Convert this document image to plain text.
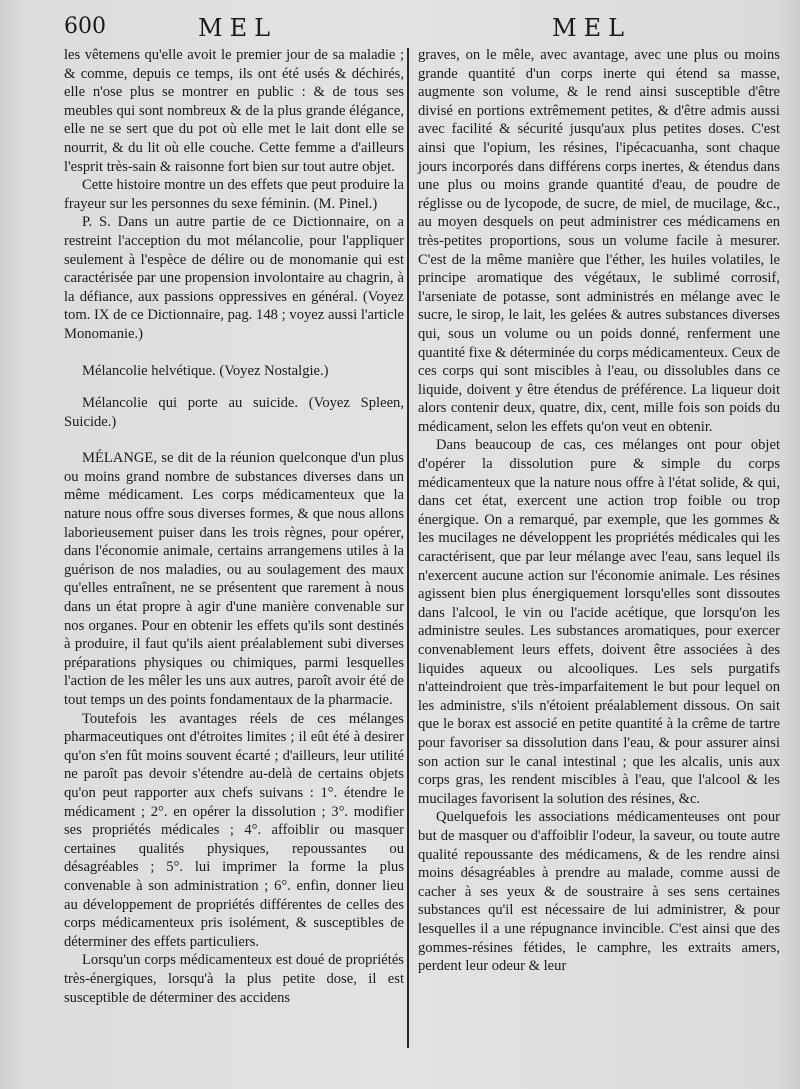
600	MEL	MEL

les vêtemens qu'elle avoit le premier jour de sa maladie ; & comme, depuis ce temps, ils ont été usés & déchirés, elle n'ose plus se montrer en public : & de tous ses meubles qui sont nombreux & de la plus grande élégance, elle ne se sert que du pot où elle met le lait dont elle se nourrit, & du lit où elle couche. Cette femme a d'ailleurs l'esprit très-sain & raisonne fort bien sur tout autre objet.

Cette histoire montre un des effets que peut produire la frayeur sur les personnes du sexe féminin. (M. Pinel.)

P. S. Dans un autre partie de ce Dictionnaire, on a restreint l'acception du mot mélancolie, pour l'appliquer seulement à l'espèce de délire ou de monomanie qui est caractérisée par une propension involontaire au chagrin, à la défiance, aux passions oppressives en général. (Voyez tom. IX de ce Dictionnaire, pag. 148 ; voyez aussi l'article Monomanie.)

Mélancolie helvétique. (Voyez Nostalgie.)

Mélancolie qui porte au suicide. (Voyez Spleen, Suicide.)

MÉLANGE, se dit de la réunion quelconque d'un plus ou moins grand nombre de substances diverses dans un même médicament. Les corps médicamenteux que la nature nous offre sous diverses formes, & que nous allons laborieusement puiser dans les trois règnes, pour opérer, dans l'économie animale, certains arrangemens utiles à la guérison de nos maladies, ou au soulagement des maux qu'elles entraînent, ne se présentent que rarement à nous dans un état propre à agir d'une manière convenable sur nos organes. Pour en obtenir les effets qu'ils sont destinés à produire, il faut qu'ils aient préalablement subi diverses préparations physiques ou chimiques, parmi lesquelles l'action de les mêler les uns aux autres, paroît avoir été de tout temps un des points fondamentaux de la pharmacie.

Toutefois les avantages réels de ces mélanges pharmaceutiques ont d'étroites limites ; il eût été à desirer qu'on s'en fût moins souvent écarté ; d'ailleurs, leur utilité ne paroît pas devoir s'étendre au-delà de certains objets qu'on peut rapporter aux chefs suivans : 1°. étendre le médicament ; 2°. en opérer la dissolution ; 3°. modifier ses propriétés médicales ; 4°. affoiblir ou masquer certaines qualités physiques, repoussantes ou désagréables ; 5°. lui imprimer la forme la plus convenable à son administration ; 6°. enfin, donner lieu au développement de propriétés différentes de celles des corps médicamenteux pris isolément, & susceptibles de déterminer des effets particuliers.

Lorsqu'un corps médicamenteux est doué de propriétés très-énergiques, lorsqu'à la plus petite dose, il est susceptible de déterminer des accidens

graves, on le mêle, avec avantage, avec une plus ou moins grande quantité d'un corps inerte qui étend sa masse, augmente son volume, & le rend ainsi susceptible d'être divisé en portions extrêmement petites, & d'être admis aussi avec facilité & sécurité jusqu'aux plus petites doses. C'est ainsi que l'opium, les résines, l'ipécacuanha, sont chaque jours incorporés dans différens corps inertes, & étendus dans une plus ou moins grande quantité d'eau, de poudre de réglisse ou de lycopode, de sucre, de miel, de mucilage, &c., au moyen desquels on peut administrer ces médicamens en très-petites proportions, sous un volume facile à mesurer. C'est de la même manière que l'éther, les huiles volatiles, le principe aromatique des végétaux, le sublimé corrosif, l'arseniate de potasse, sont administrés en mélange avec le sucre, le sirop, le lait, les gelées & autres substances diverses qui, sous un volume ou un poids donné, renferment une quantité fixe & déterminée du corps médicamenteux. Ceux de ces corps qui sont miscibles à l'eau, ou dissolubles dans ce liquide, doivent y être étendus de préférence. La liqueur doit alors contenir deux, quatre, dix, cent, mille fois son poids du médicament, selon les effets qu'on veut en obtenir.

Dans beaucoup de cas, ces mélanges ont pour objet d'opérer la dissolution pure & simple du corps médicamenteux que la nature nous offre à l'état solide, & qui, dans cet état, exercent une action trop foible ou trop énergique. On a remarqué, par exemple, que les gommes & les mucilages ne développent les propriétés médicales qui les caractérisent, que par leur mélange avec l'eau, sans lequel ils n'exercent aucune action sur l'économie animale. Les résines agissent bien plus énergiquement lorsqu'elles sont dissoutes dans l'alcool, le vin ou l'acide acétique, que lorsqu'on les administre seules. Les substances aromatiques, pour exercer convenablement leurs effets, doivent être associées à des liquides aqueux ou alcooliques. Les sels purgatifs n'atteindroient que très-imparfaitement le but pour lequel on les administre, s'ils n'étoient préalablement dissous. On sait que le borax est associé en petite quantité à la crême de tartre pour favoriser sa dissolution dans l'eau, & pour assurer ainsi son action sur le canal intestinal ; que les alcalis, unis aux corps gras, les rendent miscibles à l'eau, que l'alcool & les mucilages favorisent la solution des résines, &c.

Quelquefois les associations médicamenteuses ont pour but de masquer ou d'affoiblir l'odeur, la saveur, ou toute autre qualité repoussante des médicamens, & de les rendre ainsi moins désagréables à prendre au malade, comme aussi de cacher à ses yeux & de soustraire à ses sens certaines substances qu'il est nécessaire de lui administrer, & pour lesquelles il a une répugnance invincible. C'est ainsi que des gommes-résines fétides, le camphre, les extraits amers, perdent leur odeur & leur
